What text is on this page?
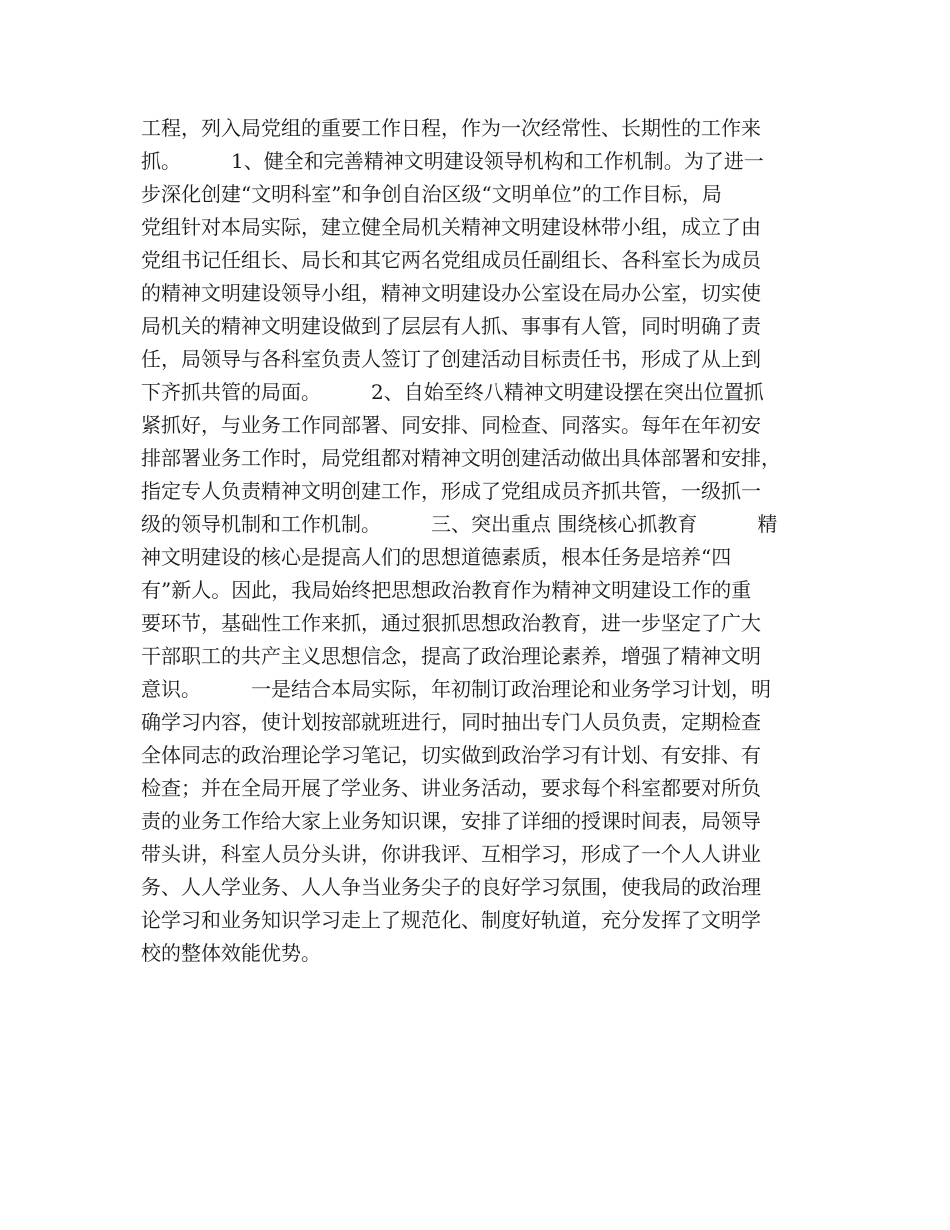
工程，列入局党组的重要工作日程，作为一次经常性、长期性的工作来
抓。　　　1、健全和完善精神文明建设领导机构和工作机制。为了进一
步深化创建“文明科室”和争创自治区级“文明单位”的工作目标，局
党组针对本局实际，建立健全局机关精神文明建设林带小组，成立了由
党组书记任组长、局长和其它两名党组成员任副组长、各科室长为成员
的精神文明建设领导小组，精神文明建设办公室设在局办公室，切实使
局机关的精神文明建设做到了层层有人抓、事事有人管，同时明确了责
任，局领导与各科室负责人签订了创建活动目标责任书，形成了从上到
下齐抓共管的局面。　　　2、自始至终八精神文明建设摆在突出位置抓
紧抓好，与业务工作同部署、同安排、同检查、同落实。每年在年初安
排部署业务工作时，局党组都对精神文明创建活动做出具体部署和安排，
指定专人负责精神文明创建工作，形成了党组成员齐抓共管，一级抓一
级的领导机制和工作机制。　　　三、突出重点 围绕核心抓教育　　　精
神文明建设的核心是提高人们的思想道德素质，根本任务是培养“四
有”新人。因此，我局始终把思想政治教育作为精神文明建设工作的重
要环节，基础性工作来抓，通过狠抓思想政治教育，进一步坚定了广大
干部职工的共产主义思想信念，提高了政治理论素养，增强了精神文明
意识。　　　一是结合本局实际，年初制订政治理论和业务学习计划，明
确学习内容，使计划按部就班进行，同时抽出专门人员负责，定期检查
全体同志的政治理论学习笔记，切实做到政治学习有计划、有安排、有
检查；并在全局开展了学业务、讲业务活动，要求每个科室都要对所负
责的业务工作给大家上业务知识课，安排了详细的授课时间表，局领导
带头讲，科室人员分头讲，你讲我评、互相学习，形成了一个人人讲业
务、人人学业务、人人争当业务尖子的良好学习氛围，使我局的政治理
论学习和业务知识学习走上了规范化、制度好轨道，充分发挥了文明学
校的整体效能优势。
